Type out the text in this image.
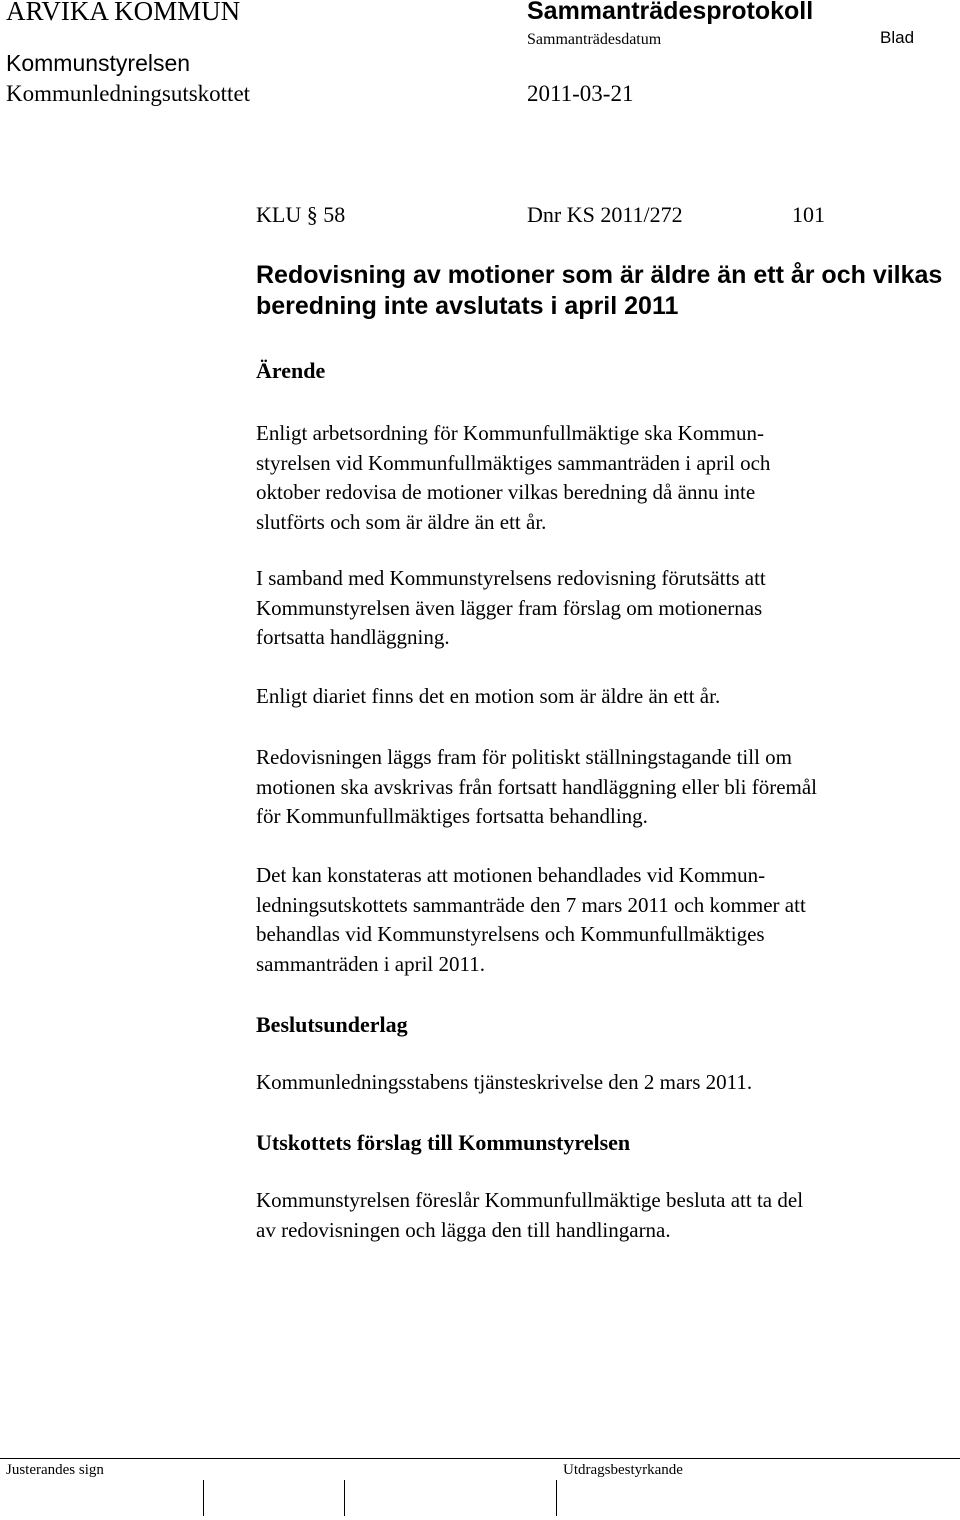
ARVIKA KOMMUN	Sammanträdesprotokoll
Sammanträdesdatum	Blad
Kommunstyrelsen
Kommunledningsutskottet	2011-03-21
KLU § 58	Dnr KS 2011/272	101
Redovisning av motioner som är äldre än ett år och vilkas beredning inte avslutats i april 2011

Ärende

Enligt arbetsordning för Kommunfullmäktige ska Kommun-
styrelsen vid Kommunfullmäktiges sammanträden i april och
oktober redovisa de motioner vilkas beredning då ännu inte
slutförts och som är äldre än ett år.
I samband med Kommunstyrelsens redovisning förutsätts att
Kommunstyrelsen även lägger fram förslag om motionernas
fortsatta handläggning.
Enligt diariet finns det en motion som är äldre än ett år.
Redovisningen läggs fram för politiskt ställningstagande till om
motionen ska avskrivas från fortsatt handläggning eller bli föremål
för Kommunfullmäktiges fortsatta behandling.
Det kan konstateras att motionen behandlades vid Kommun-
ledningsutskottets sammanträde den 7 mars 2011 och kommer att
behandlas vid Kommunstyrelsens och Kommunfullmäktiges
sammanträden i april 2011.
Beslutsunderlag
Kommunledningsstabens tjänsteskrivelse den 2 mars 2011.
Utskottets förslag till Kommunstyrelsen
Kommunstyrelsen föreslår Kommunfullmäktige besluta att ta del
av redovisningen och lägga den till handlingarna.
Justerandes sign	Utdragsbestyrkande
